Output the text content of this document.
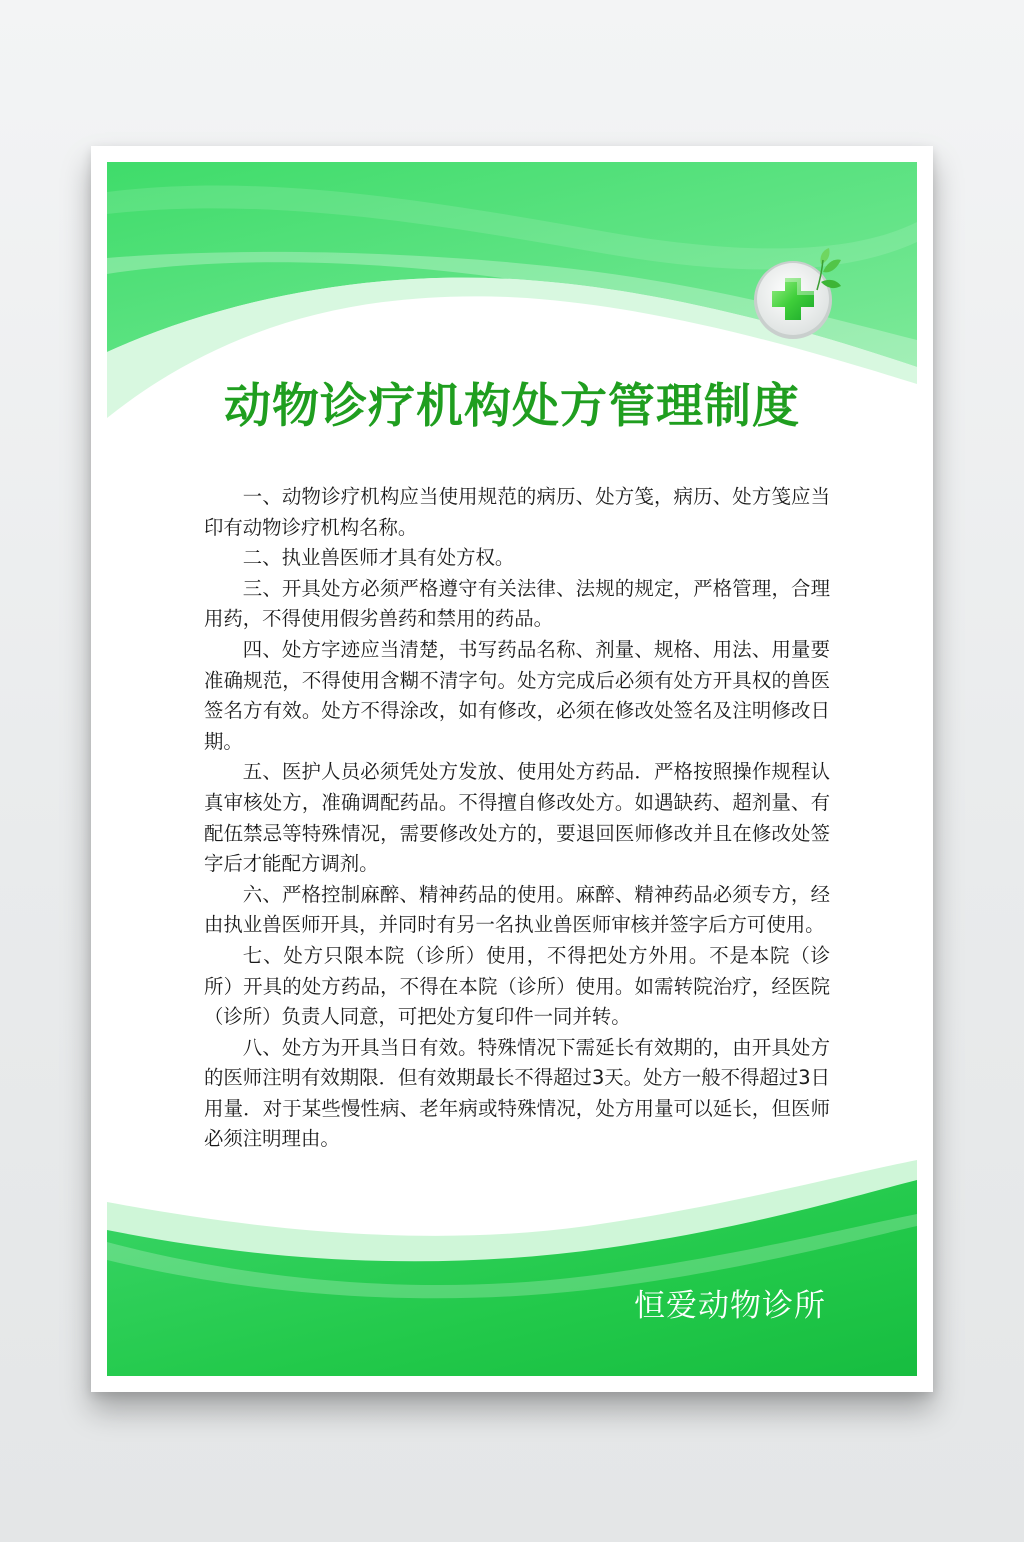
动物诊疗机构处方管理制度

一、动物诊疗机构应当使用规范的病历、处方笺，病历、处方笺应当印有动物诊疗机构名称。

二、执业兽医师才具有处方权。

三、开具处方必须严格遵守有关法律、法规的规定，严格管理，合理用药，不得使用假劣兽药和禁用的药品。

四、处方字迹应当清楚，书写药品名称、剂量、规格、用法、用量要准确规范，不得使用含糊不清字句。处方完成后必须有处方开具权的兽医签名方有效。处方不得涂改，如有修改，必须在修改处签名及注明修改日期。

五、医护人员必须凭处方发放、使用处方药品．严格按照操作规程认真审核处方，准确调配药品。不得擅自修改处方。如遇缺药、超剂量、有配伍禁忌等特殊情况，需要修改处方的，要退回医师修改并且在修改处签字后才能配方调剂。

六、严格控制麻醉、精神药品的使用。麻醉、精神药品必须专方，经由执业兽医师开具，并同时有另一名执业兽医师审核并签字后方可使用。

七、处方只限本院（诊所）使用，不得把处方外用。不是本院（诊所）开具的处方药品，不得在本院（诊所）使用。如需转院治疗，经医院（诊所）负责人同意，可把处方复印件一同并转。

八、处方为开具当日有效。特殊情况下需延长有效期的，由开具处方的医师注明有效期限．但有效期最长不得超过3天。处方一般不得超过3日用量．对于某些慢性病、老年病或特殊情况，处方用量可以延长，但医师必须注明理由。

恒爱动物诊所
